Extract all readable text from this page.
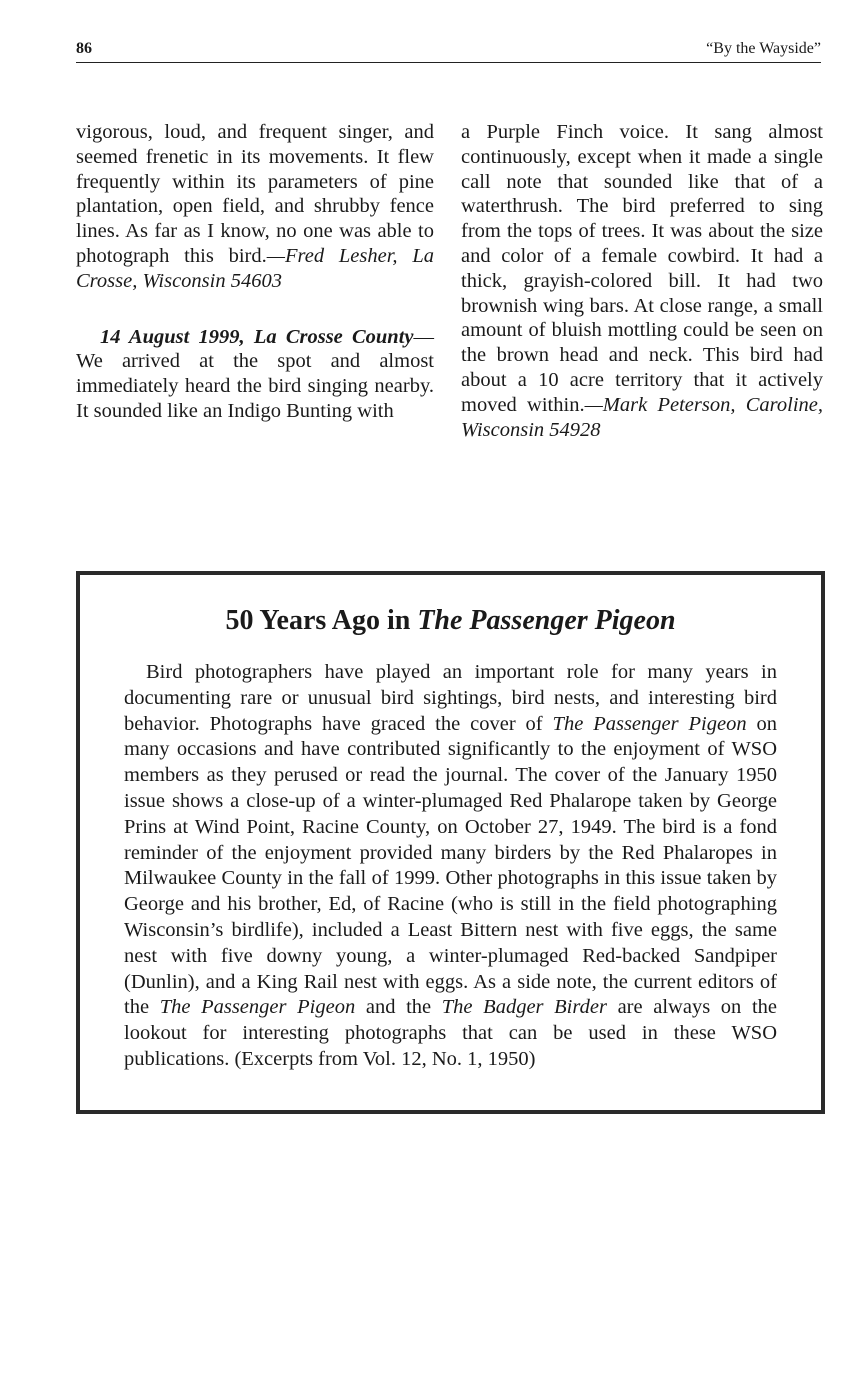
86	“By the Wayside”

vigorous, loud, and frequent singer, and seemed frenetic in its movements. It flew frequently within its parameters of pine plantation, open field, and shrubby fence lines. As far as I know, no one was able to photograph this bird.—Fred Lesher, La Crosse, Wisconsin 54603

14 August 1999, La Crosse County—We arrived at the spot and almost immediately heard the bird singing nearby. It sounded like an Indigo Bunting with

a Purple Finch voice. It sang almost continuously, except when it made a single call note that sounded like that of a waterthrush. The bird preferred to sing from the tops of trees. It was about the size and color of a female cowbird. It had a thick, grayish-colored bill. It had two brownish wing bars. At close range, a small amount of bluish mottling could be seen on the brown head and neck. This bird had about a 10 acre territory that it actively moved within.—Mark Peterson, Caroline, Wisconsin 54928

50 Years Ago in The Passenger Pigeon

Bird photographers have played an important role for many years in documenting rare or unusual bird sightings, bird nests, and interesting bird behavior. Photographs have graced the cover of The Passenger Pigeon on many occasions and have contributed significantly to the enjoyment of WSO members as they perused or read the journal. The cover of the January 1950 issue shows a close-up of a winter-plumaged Red Phalarope taken by George Prins at Wind Point, Racine County, on October 27, 1949. The bird is a fond reminder of the enjoyment provided many birders by the Red Phalaropes in Milwaukee County in the fall of 1999. Other photographs in this issue taken by George and his brother, Ed, of Racine (who is still in the field photographing Wisconsin’s birdlife), included a Least Bittern nest with five eggs, the same nest with five downy young, a winter-plumaged Red-backed Sandpiper (Dunlin), and a King Rail nest with eggs. As a side note, the current editors of the The Passenger Pigeon and the The Badger Birder are always on the lookout for interesting photographs that can be used in these WSO publications. (Excerpts from Vol. 12, No. 1, 1950)
